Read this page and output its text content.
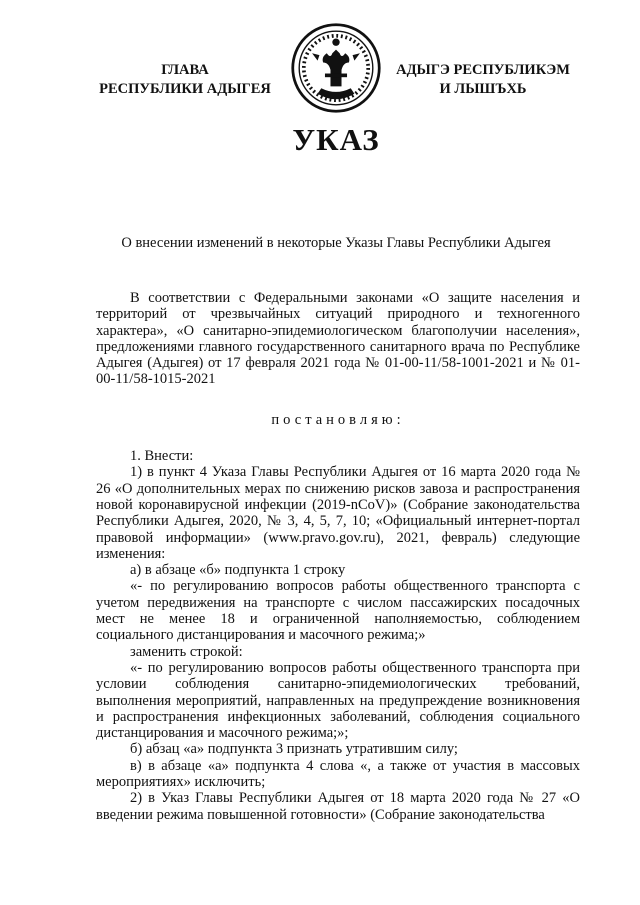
ГЛАВА
РЕСПУБЛИКИ АДЫГЕЯ
АДЫГЭ РЕСПУБЛИКЭМ
И ЛЫШЪХЬ
УКАЗ
О внесении изменений в некоторые Указы Главы Республики Адыгея

В соответствии с Федеральными законами «О защите населения и территорий от чрезвычайных ситуаций природного и техногенного характера», «О санитарно-эпидемиологическом благополучии населения», предложениями главного государственного санитарного врача по Республике Адыгея (Адыгея) от 17 февраля 2021 года № 01-00-11/58-1001-2021 и № 01-00-11/58-1015-2021

постановляю:

1. Внести:

1) в пункт 4 Указа Главы Республики Адыгея от 16 марта 2020 года № 26 «О дополнительных мерах по снижению рисков завоза и распространения новой коронавирусной инфекции (2019-nCoV)» (Собрание законодательства Республики Адыгея, 2020, № 3, 4, 5, 7, 10; «Официальный интернет-портал правовой информации» (www.pravo.gov.ru), 2021, февраль) следующие изменения:

а) в абзаце «б» подпункта 1 строку

«- по регулированию вопросов работы общественного транспорта с учетом передвижения на транспорте с числом пассажирских посадочных мест не менее 18 и ограниченной наполняемостью, соблюдением социального дистанцирования и масочного режима;»

заменить строкой:

«- по регулированию вопросов работы общественного транспорта при условии соблюдения санитарно-эпидемиологических требований, выполнения мероприятий, направленных на предупреждение возникновения и распространения инфекционных заболеваний, соблюдения социального дистанцирования и масочного режима;»;

б) абзац «а» подпункта 3 признать утратившим силу;

в) в абзаце «а» подпункта 4 слова «, а также от участия в массовых мероприятиях» исключить;

2) в Указ Главы Республики Адыгея от 18 марта 2020 года № 27 «О введении режима повышенной готовности» (Собрание законодательства
